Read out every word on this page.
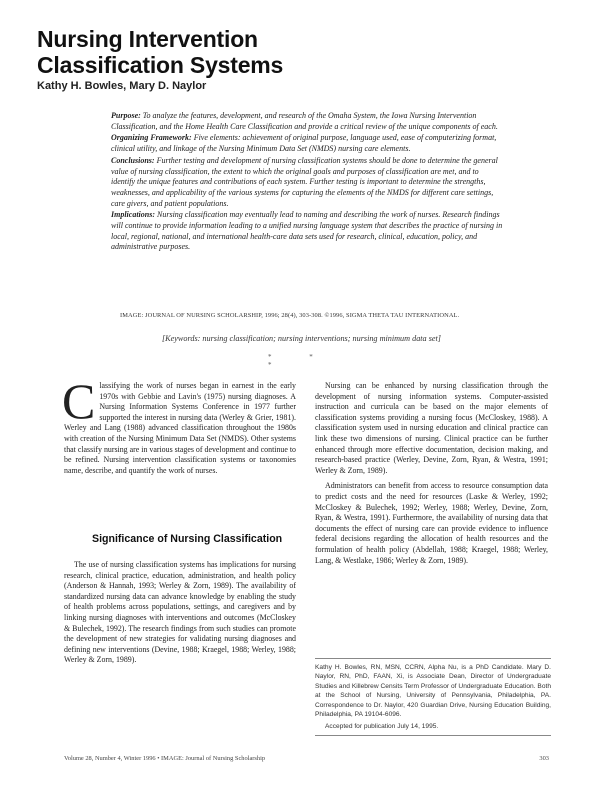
Nursing Intervention
Classification Systems
Kathy H. Bowles, Mary D. Naylor

Purpose: To analyze the features, development, and research of the Omaha System, the Iowa Nursing Intervention Classification, and the Home Health Care Classification and provide a critical review of the unique components of each.

Organizing Framework: Five elements: achievement of original purpose, language used, ease of computerizing format, clinical utility, and linkage of the Nursing Minimum Data Set (NMDS) nursing care elements.

Conclusions: Further testing and development of nursing classification systems should be done to determine the general value of nursing classification, the extent to which the original goals and purposes of classification are met, and to identify the unique features and contributions of each system. Further testing is important to determine the strengths, weaknesses, and applicability of the various systems for capturing the elements of the NMDS for different care settings, care givers, and patient populations.

Implications: Nursing classification may eventually lead to naming and describing the work of nurses. Research findings will continue to provide information leading to a unified nursing language system that describes the practice of nursing in local, regional, national, and international health-care data sets used for research, clinical, education, policy, and administrative purposes.

IMAGE: JOURNAL OF NURSING SCHOLARSHIP, 1996; 28(4), 303-308. ©1996, SIGMA THETA TAU INTERNATIONAL.
[Keywords: nursing classification; nursing interventions; nursing minimum data set]
* * *
Classifying the work of nurses began in earnest in the early 1970s with Gebbie and Lavin's (1975) nursing diagnoses. A Nursing Information Systems Conference in 1977 further supported the interest in nursing data (Werley & Grier, 1981). Werley and Lang (1988) advanced classification throughout the 1980s with creation of the Nursing Minimum Data Set (NMDS). Other systems that classify nursing are in various stages of development and continue to be refined. Nursing intervention classification systems or taxonomies name, describe, and quantify the work of nurses.
Significance of Nursing Classification

The use of nursing classification systems has implications for nursing research, clinical practice, education, administration, and health policy (Anderson & Hannah, 1993; Werley & Zorn, 1989). The availability of standardized nursing data can advance knowledge by enabling the study of health problems across populations, settings, and caregivers and by linking nursing diagnoses with interventions and outcomes (McCloskey & Bulechek, 1992). The research findings from such studies can promote the development of new strategies for validating nursing diagnoses and defining new interventions (Devine, 1988; Kraegel, 1988; Werley, 1988; Werley & Zorn, 1989).

Nursing can be enhanced by nursing classification through the development of nursing information systems. Computer-assisted instruction and curricula can be based on the major elements of classification systems providing a nursing focus (McCloskey, 1988). A classification system used in nursing education and clinical practice can link these two dimensions of nursing. Clinical practice can be further enhanced through more effective documentation, decision making, and research-based practice (Werley, Devine, Zorn, Ryan, & Westra, 1991; Werley & Zorn, 1989).

Administrators can benefit from access to resource consumption data to predict costs and the need for resources (Laske & Werley, 1992; McCloskey & Bulechek, 1992; Werley, 1988; Werley, Devine, Zorn, Ryan, & Westra, 1991). Furthermore, the availability of nursing data that documents the effect of nursing care can provide evidence to influence federal decisions regarding the allocation of health resources and the formulation of health policy (Abdellah, 1988; Kraegel, 1988; Werley, Lang, & Westlake, 1986; Werley & Zorn, 1989).

Kathy H. Bowles, RN, MSN, CCRN, Alpha Nu, is a PhD Candidate. Mary D. Naylor, RN, PhD, FAAN, Xi, is Associate Dean, Director of Undergraduate Studies and Killebrew Censits Term Professor of Undergraduate Education. Both at the School of Nursing, University of Pennsylvania, Philadelphia, PA. Correspondence to Dr. Naylor, 420 Guardian Drive, Nursing Education Building, Philadelphia, PA 19104-6096.

Accepted for publication July 14, 1995.

Volume 28, Number 4, Winter 1996 • IMAGE: Journal of Nursing Scholarship	303
